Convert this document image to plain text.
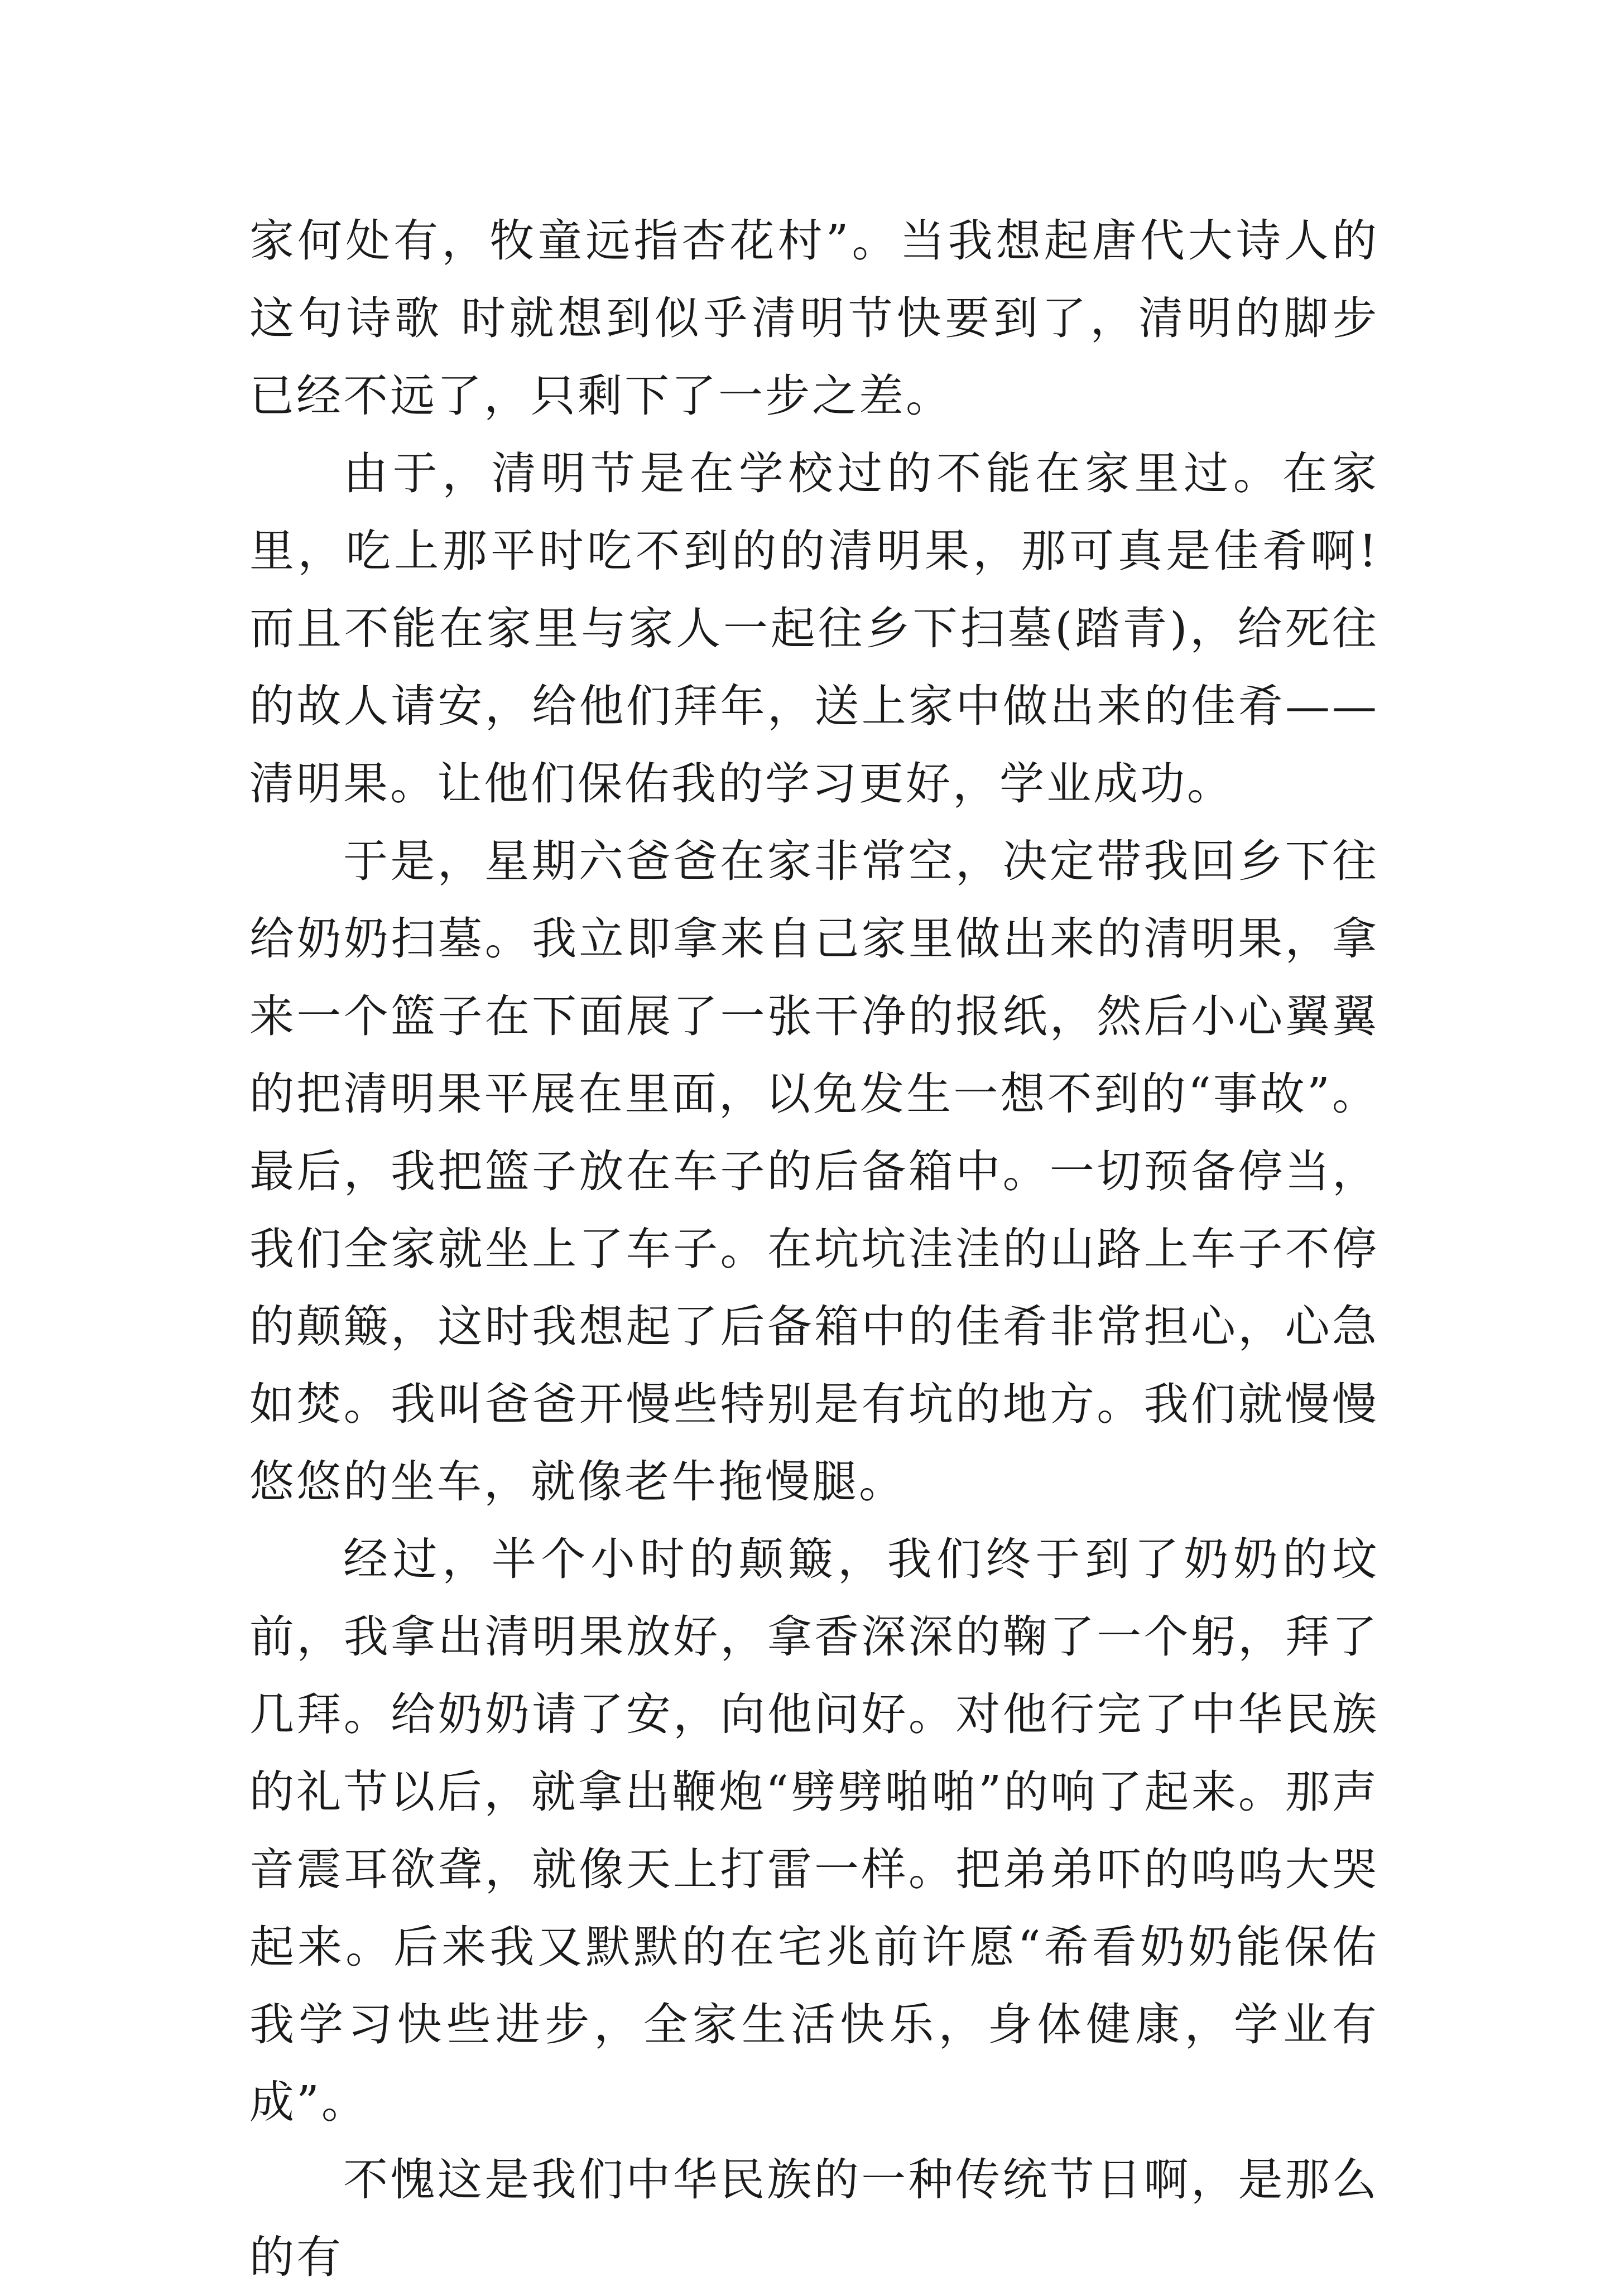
家何处有，牧童远指杏花村”。当我想起唐代大诗人的这句诗歌 时就想到似乎清明节快要到了，清明的脚步已经不远了，只剩下了一步之差。

由于，清明节是在学校过的不能在家里过。在家里，吃上那平时吃不到的的清明果，那可真是佳肴啊!而且不能在家里与家人一起往乡下扫墓(踏青)，给死往的故人请安，给他们拜年，送上家中做出来的佳肴——清明果。让他们保佑我的学习更好，学业成功。

于是，星期六爸爸在家非常空，决定带我回乡下往给奶奶扫墓。我立即拿来自己家里做出来的清明果，拿来一个篮子在下面展了一张干净的报纸，然后小心翼翼的把清明果平展在里面，以免发生一想不到的“事故”。最后，我把篮子放在车子的后备箱中。一切预备停当，我们全家就坐上了车子。在坑坑洼洼的山路上车子不停的颠簸，这时我想起了后备箱中的佳肴非常担心，心急如焚。我叫爸爸开慢些特别是有坑的地方。我们就慢慢悠悠的坐车，就像老牛拖慢腿。

经过，半个小时的颠簸，我们终于到了奶奶的坟前，我拿出清明果放好，拿香深深的鞠了一个躬，拜了几拜。给奶奶请了安，向他问好。对他行完了中华民族的礼节以后，就拿出鞭炮“劈劈啪啪”的响了起来。那声音震耳欲聋，就像天上打雷一样。把弟弟吓的呜呜大哭起来。后来我又默默的在宅兆前许愿“希看奶奶能保佑我学习快些进步，全家生活快乐，身体健康，学业有成”。

不愧这是我们中华民族的一种传统节日啊，是那么的有
